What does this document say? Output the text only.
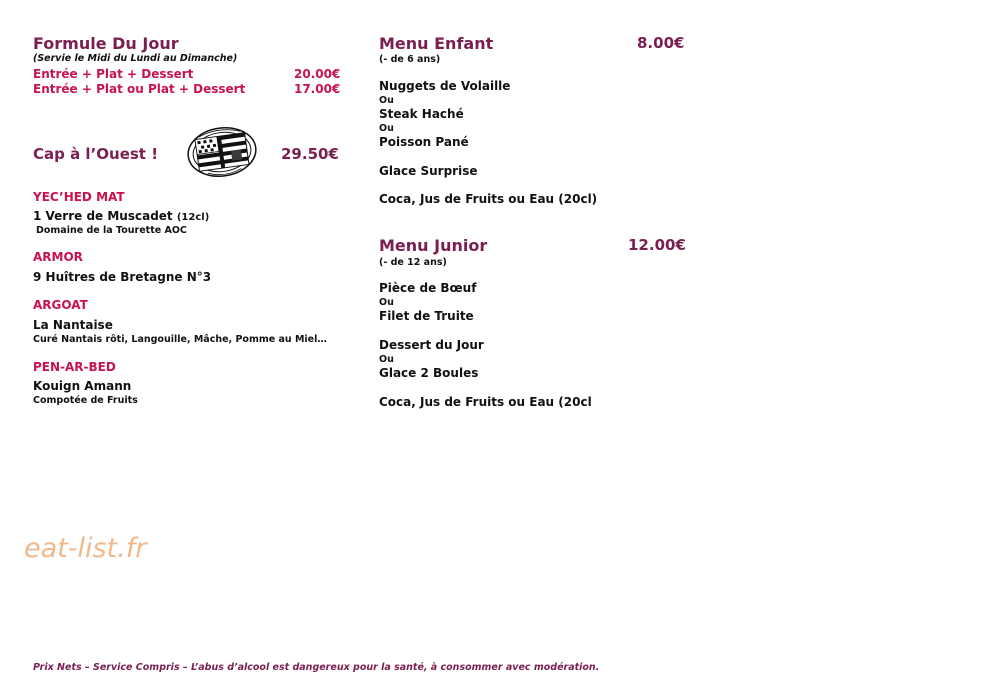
Formule Du Jour
(Servie le Midi du Lundi au Dimanche)
Entrée + Plat + Dessert	20.00€
Entrée + Plat ou Plat + Dessert	17.00€
Cap à l’Ouest !	29.50€
YEC’HED MAT
1 Verre de Muscadet (12cl)
Domaine de la Tourette AOC
ARMOR
9 Huîtres de Bretagne N°3
ARGOAT
La Nantaise
Curé Nantais rôti, Langouille, Mâche, Pomme au Miel…
PEN-AR-BED
Kouign Amann
Compotée de Fruits
Menu Enfant	8.00€
(- de 6 ans)
Nuggets de Volaille
Ou
Steak Haché
Ou
Poisson Pané
Glace Surprise
Coca, Jus de Fruits ou Eau (20cl)
Menu Junior	12.00€
(- de 12 ans)
Pièce de Bœuf
Ou
Filet de Truite
Dessert du Jour
Ou
Glace 2 Boules
Coca, Jus de Fruits ou Eau (20cl
eat-list.fr
Prix Nets – Service Compris – L’abus d’alcool est dangereux pour la santé, à consommer avec modération.
